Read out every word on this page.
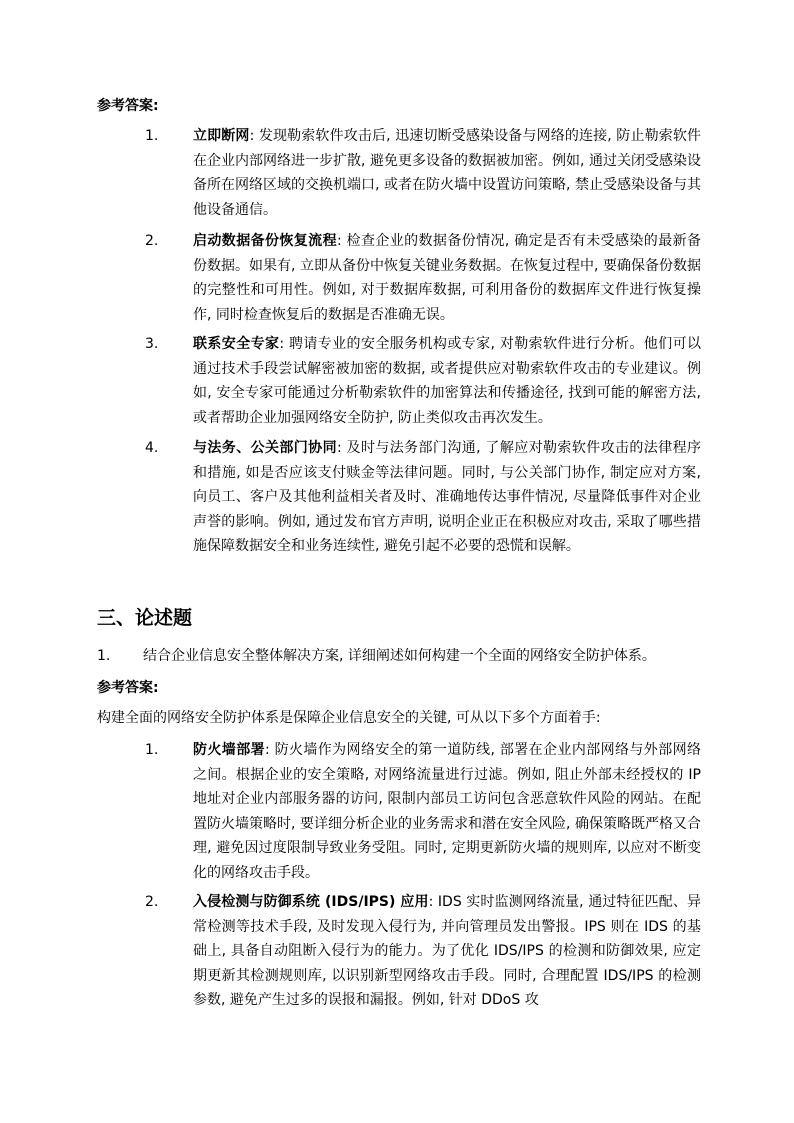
参考答案:
1. 立即断网: 发现勒索软件攻击后, 迅速切断受感染设备与网络的连接, 防止勒索软件在企业内部网络进一步扩散, 避免更多设备的数据被加密。例如, 通过关闭受感染设备所在网络区域的交换机端口, 或者在防火墙中设置访问策略, 禁止受感染设备与其他设备通信。
2. 启动数据备份恢复流程: 检查企业的数据备份情况, 确定是否有未受感染的最新备份数据。如果有, 立即从备份中恢复关键业务数据。在恢复过程中, 要确保备份数据的完整性和可用性。例如, 对于数据库数据, 可利用备份的数据库文件进行恢复操作, 同时检查恢复后的数据是否准确无误。
3. 联系安全专家: 聘请专业的安全服务机构或专家, 对勒索软件进行分析。他们可以通过技术手段尝试解密被加密的数据, 或者提供应对勒索软件攻击的专业建议。例如, 安全专家可能通过分析勒索软件的加密算法和传播途径, 找到可能的解密方法, 或者帮助企业加强网络安全防护, 防止类似攻击再次发生。
4. 与法务、公关部门协同: 及时与法务部门沟通, 了解应对勒索软件攻击的法律程序和措施, 如是否应该支付赎金等法律问题。同时, 与公关部门协作, 制定应对方案, 向员工、客户及其他利益相关者及时、准确地传达事件情况, 尽量降低事件对企业声誉的影响。例如, 通过发布官方声明, 说明企业正在积极应对攻击, 采取了哪些措施保障数据安全和业务连续性, 避免引起不必要的恐慌和误解。
三、论述题
1. 结合企业信息安全整体解决方案, 详细阐述如何构建一个全面的网络安全防护体系。
参考答案:
构建全面的网络安全防护体系是保障企业信息安全的关键, 可从以下多个方面着手:
1. 防火墙部署: 防火墙作为网络安全的第一道防线, 部署在企业内部网络与外部网络之间。根据企业的安全策略, 对网络流量进行过滤。例如, 阻止外部未经授权的 IP 地址对企业内部服务器的访问, 限制内部员工访问包含恶意软件风险的网站。在配置防火墙策略时, 要详细分析企业的业务需求和潜在安全风险, 确保策略既严格又合理, 避免因过度限制导致业务受阻。同时, 定期更新防火墙的规则库, 以应对不断变化的网络攻击手段。
2. 入侵检测与防御系统 (IDS/IPS) 应用: IDS 实时监测网络流量, 通过特征匹配、异常检测等技术手段, 及时发现入侵行为, 并向管理员发出警报。IPS 则在 IDS 的基础上, 具备自动阻断入侵行为的能力。为了优化 IDS/IPS 的检测和防御效果, 应定期更新其检测规则库, 以识别新型网络攻击手段。同时, 合理配置 IDS/IPS 的检测参数, 避免产生过多的误报和漏报。例如, 针对 DDoS 攻
